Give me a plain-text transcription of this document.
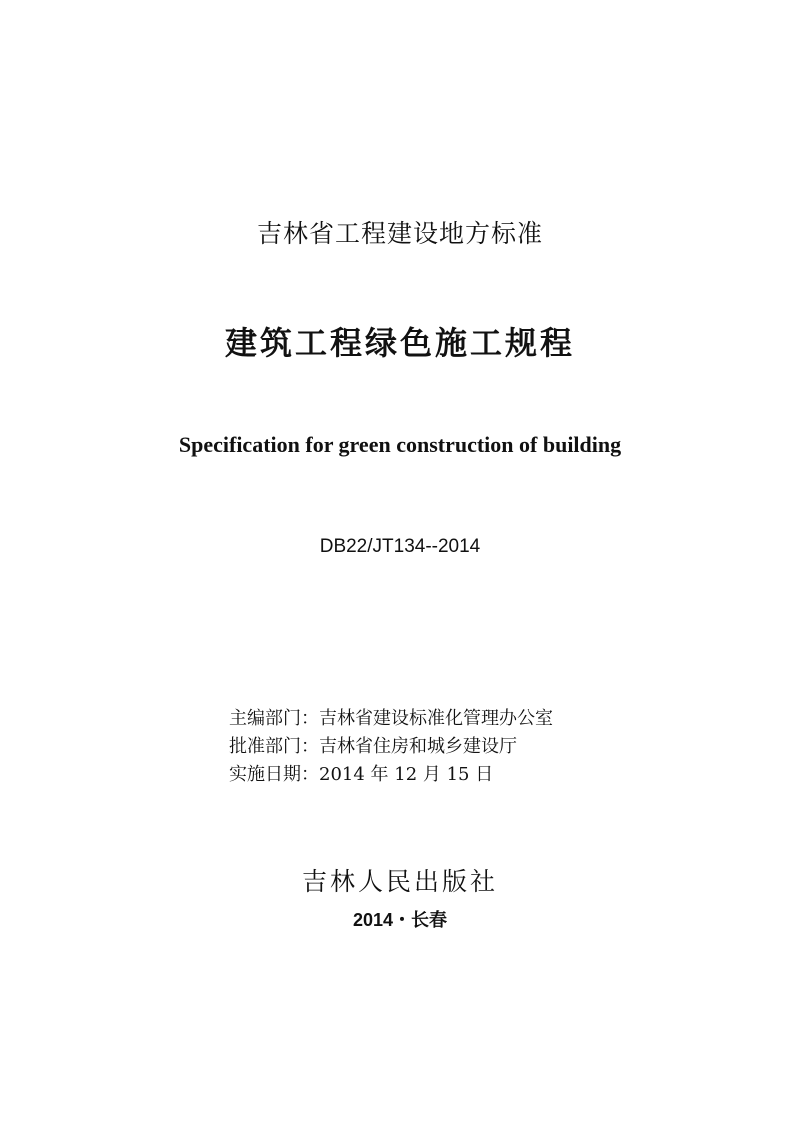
吉林省工程建设地方标准
建筑工程绿色施工规程
Specification for green construction of building
DB22/JT134--2014
主编部门：吉林省建设标准化管理办公室
批准部门：吉林省住房和城乡建设厅
实施日期：2014 年 12 月 15 日
吉林人民出版社
2014・长春
